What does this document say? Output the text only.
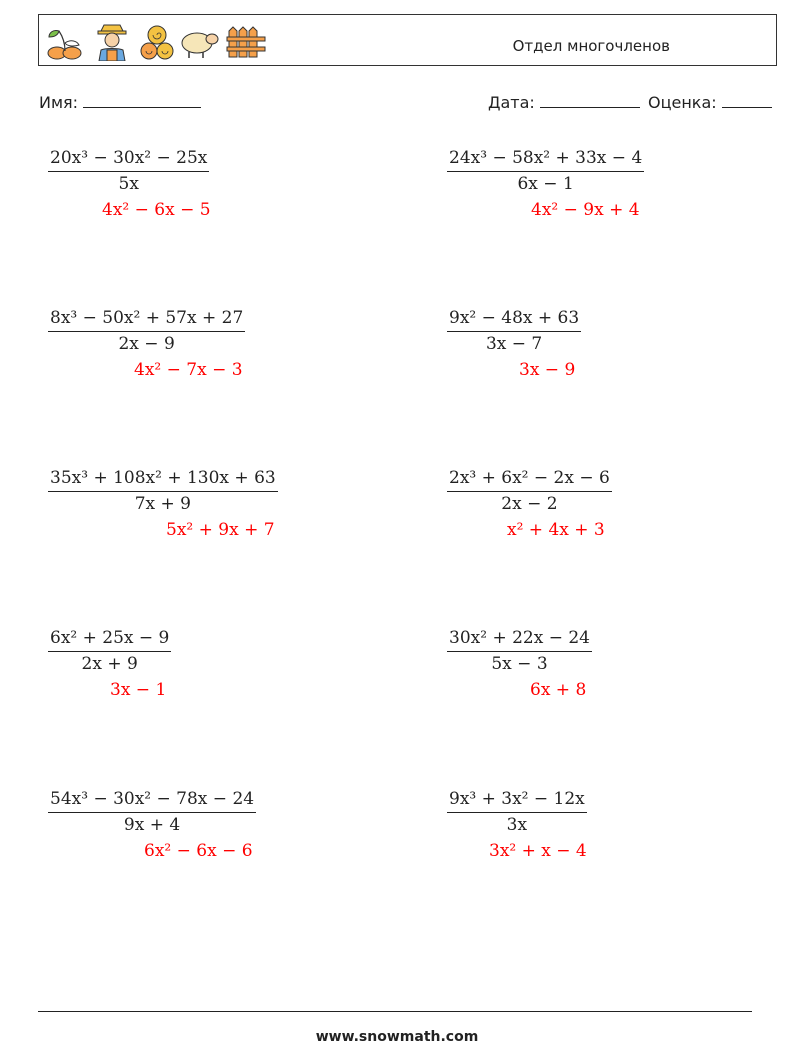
Отдел многочленов
Имя:	Дата:	Оценка:
$\frac{\text{20x³ − 30x² − 25x}}{5x}$
4x² − 6x − 5
$\frac{\text{8x³ − 50x² + 57x + 27}}{2x - 9}$
4x² − 7x − 3
$\frac{\text{35x³ + 108x² + 130x + 63}}{7x + 9}$
5x² + 9x + 7
$\frac{\text{6x² + 25x − 9}}{2x + 9}$
3x − 1
$\frac{\text{54x³ − 30x² − 78x − 24}}{9x + 4}$
6x² − 6x − 6
$\frac{\text{24x³ − 58x² + 33x − 4}}{6x - 1}$
4x² − 9x + 4
$\frac{\text{9x² − 48x + 63}}{3x - 7}$
3x − 9
$\frac{\text{2x³ + 6x² − 2x − 6}}{2x - 2}$
x² + 4x + 3
$\frac{\text{30x² + 22x − 24}}{5x - 3}$
6x + 8
$\frac{\text{9x³ + 3x² − 12x}}{3x}$
3x² + x − 4
www.snowmath.com
